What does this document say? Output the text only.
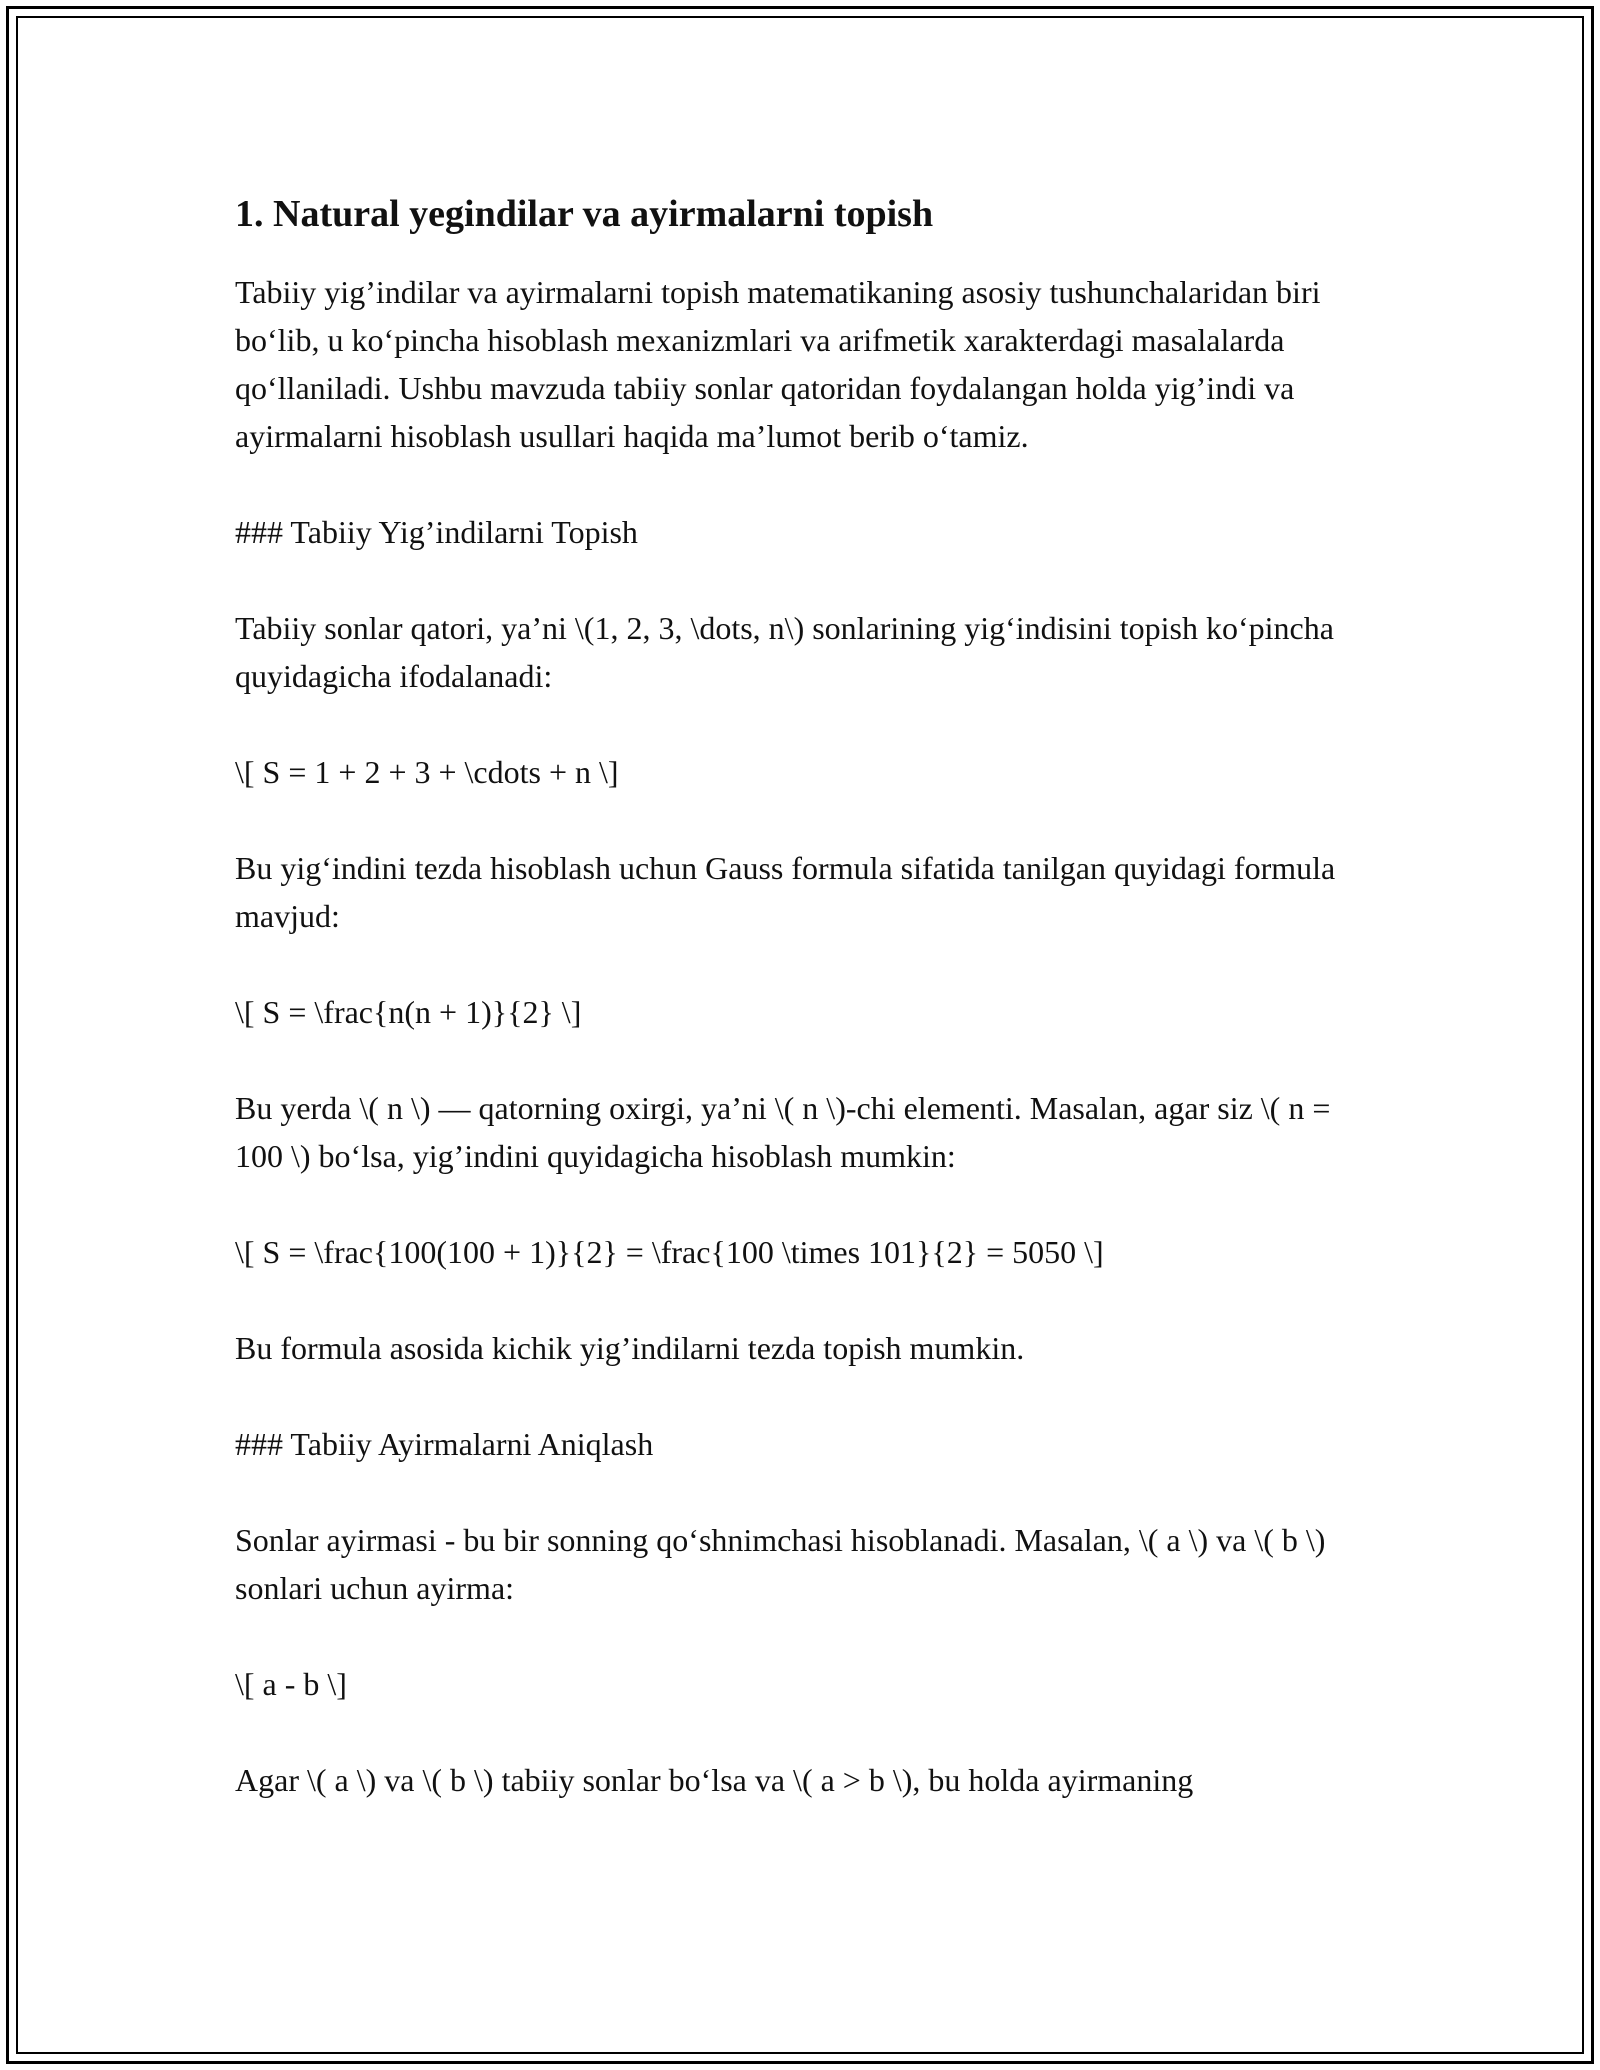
1. Natural yegindilar va ayirmalarni topish

Tabiiy yig’indilar va ayirmalarni topish matematikaning asosiy tushunchalaridan biri bo‘lib, u ko‘pincha hisoblash mexanizmlari va arifmetik xarakterdagi masalalarda qo‘llaniladi. Ushbu mavzuda tabiiy sonlar qatoridan foydalangan holda yig’indi va ayirmalarni hisoblash usullari haqida ma’lumot berib o‘tamiz.

### Tabiiy Yig’indilarni Topish

Tabiiy sonlar qatori, ya’ni \(1, 2, 3, \dots, n\) sonlarining yig‘indisini topish ko‘pincha quyidagicha ifodalanadi:

\[ S = 1 + 2 + 3 + \cdots + n \]

Bu yig‘indini tezda hisoblash uchun Gauss formula sifatida tanilgan quyidagi formula mavjud:

\[ S = \frac{n(n + 1)}{2} \]

Bu yerda \( n \) — qatorning oxirgi, ya’ni \( n \)-chi elementi. Masalan, agar siz \( n = 100 \) bo‘lsa, yig’indini quyidagicha hisoblash mumkin:

\[ S = \frac{100(100 + 1)}{2} = \frac{100 \times 101}{2} = 5050 \]

Bu formula asosida kichik yig’indilarni tezda topish mumkin.

### Tabiiy Ayirmalarni Aniqlash

Sonlar ayirmasi - bu bir sonning qo‘shnimchasi hisoblanadi. Masalan, \( a \) va \( b \) sonlari uchun ayirma:

\[ a - b \]

Agar \( a \) va \( b \) tabiiy sonlar bo‘lsa va \( a > b \), bu holda ayirmaning
